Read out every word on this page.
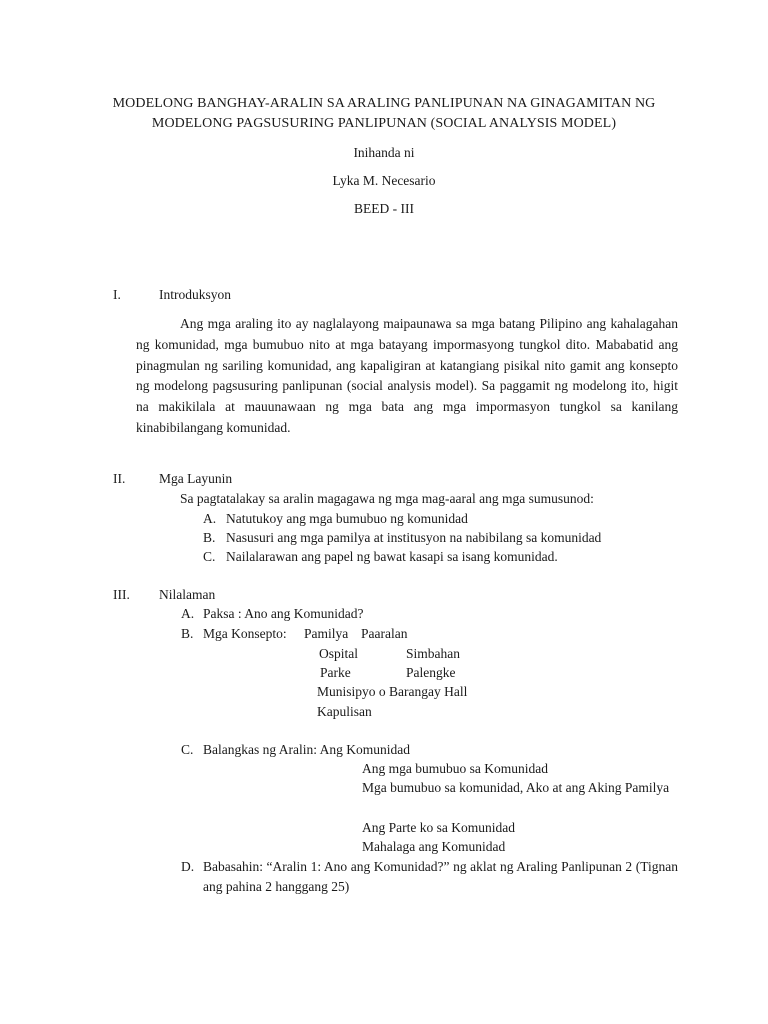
MODELONG BANGHAY-ARALIN SA ARALING PANLIPUNAN NA GINAGAMITAN NG
MODELONG PAGSUSURING PANLIPUNAN (SOCIAL ANALYSIS MODEL)
Inihanda ni
Lyka M. Necesario
BEED - III
I.	Introduksyon
Ang mga araling ito ay naglalayong maipaunawa sa mga batang Pilipino ang kahalagahan ng komunidad, mga bumubuo nito at mga batayang impormasyong tungkol dito. Mababatid ang pinagmulan ng sariling komunidad, ang kapaligiran at katangiang pisikal nito gamit ang konsepto ng modelong pagsusuring panlipunan (social analysis model). Sa paggamit ng modelong ito, higit na makikilala at mauunawaan ng mga bata ang mga impormasyon tungkol sa kanilang kinabibilangang komunidad.
II. Mga Layunin
Sa pagtatalakay sa aralin magagawa ng mga mag-aaral ang mga sumusunod:
A. Natutukoy ang mga bumubuo ng komunidad
B. Nasusuri ang mga pamilya at institusyon na nabibilang sa komunidad
C. Nailalarawan ang papel ng bawat kasapi sa isang komunidad.
III. Nilalaman
A. Paksa : Ano ang Komunidad?
B. Mga Konsepto: Pamilya Paaralan
Ospital	Simbahan
Parke	Palengke
Munisipyo o Barangay Hall
Kapulisan
C. Balangkas ng Aralin: Ang Komunidad
Ang mga bumubuo sa Komunidad
Mga bumubuo sa komunidad, Ako at ang Aking Pamilya
Ang Parte ko sa Komunidad
Mahalaga ang Komunidad
D. Babasahin: “Aralin 1: Ano ang Komunidad?” ng aklat ng Araling Panlipunan 2 (Tignan ang pahina 2 hanggang 25)
